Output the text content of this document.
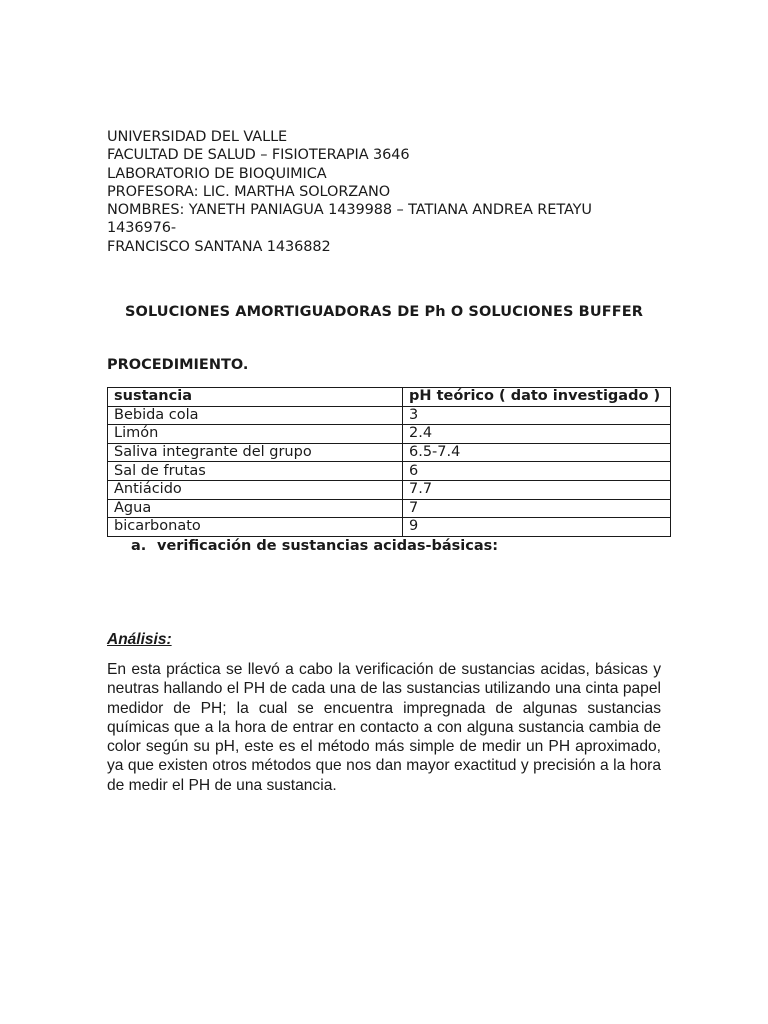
UNIVERSIDAD DEL VALLE
FACULTAD DE SALUD – FISIOTERAPIA 3646
LABORATORIO DE BIOQUIMICA
PROFESORA: LIC. MARTHA SOLORZANO
NOMBRES: YANETH PANIAGUA 1439988 – TATIANA ANDREA RETAYU
1436976-
FRANCISCO SANTANA 1436882
SOLUCIONES AMORTIGUADORAS DE Ph O SOLUCIONES BUFFER
PROCEDIMIENTO.
sustancia	pH teórico ( dato investigado )
Bebida cola	3
Limón	2.4
Saliva integrante del grupo	6.5-7.4
Sal de frutas	6
Antiácido	7.7
Agua	7
bicarbonato	9
a. verificación de sustancias acidas-básicas:
Análisis:
En esta práctica se llevó a cabo la verificación de sustancias acidas, básicas y neutras hallando el PH de cada una de las sustancias utilizando una cinta papel medidor de PH; la cual se encuentra impregnada de algunas sustancias químicas que a la hora de entrar en contacto a con alguna sustancia cambia de color según su pH, este es el método más simple de medir un PH aproximado, ya que existen otros métodos que nos dan mayor exactitud y precisión a la hora de medir el PH de una sustancia.
